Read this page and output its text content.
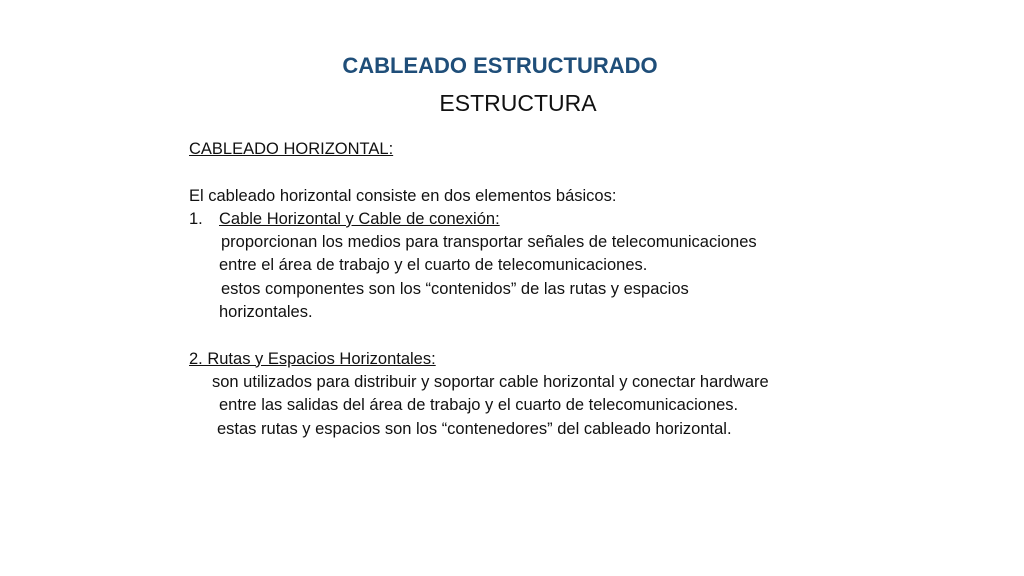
CABLEADO ESTRUCTURADO
ESTRUCTURA
CABLEADO HORIZONTAL:
El cableado horizontal consiste en dos elementos básicos:
1. Cable Horizontal y Cable de conexión:
proporcionan los medios para transportar señales de telecomunicaciones
entre el área de trabajo y el cuarto de telecomunicaciones.
estos componentes son los “contenidos” de las rutas y espacios
horizontales.
2. Rutas y Espacios Horizontales:
son utilizados para distribuir y soportar cable horizontal y conectar hardware
entre las salidas del área de trabajo y el cuarto de telecomunicaciones.
estas rutas y espacios son los “contenedores” del cableado horizontal.
